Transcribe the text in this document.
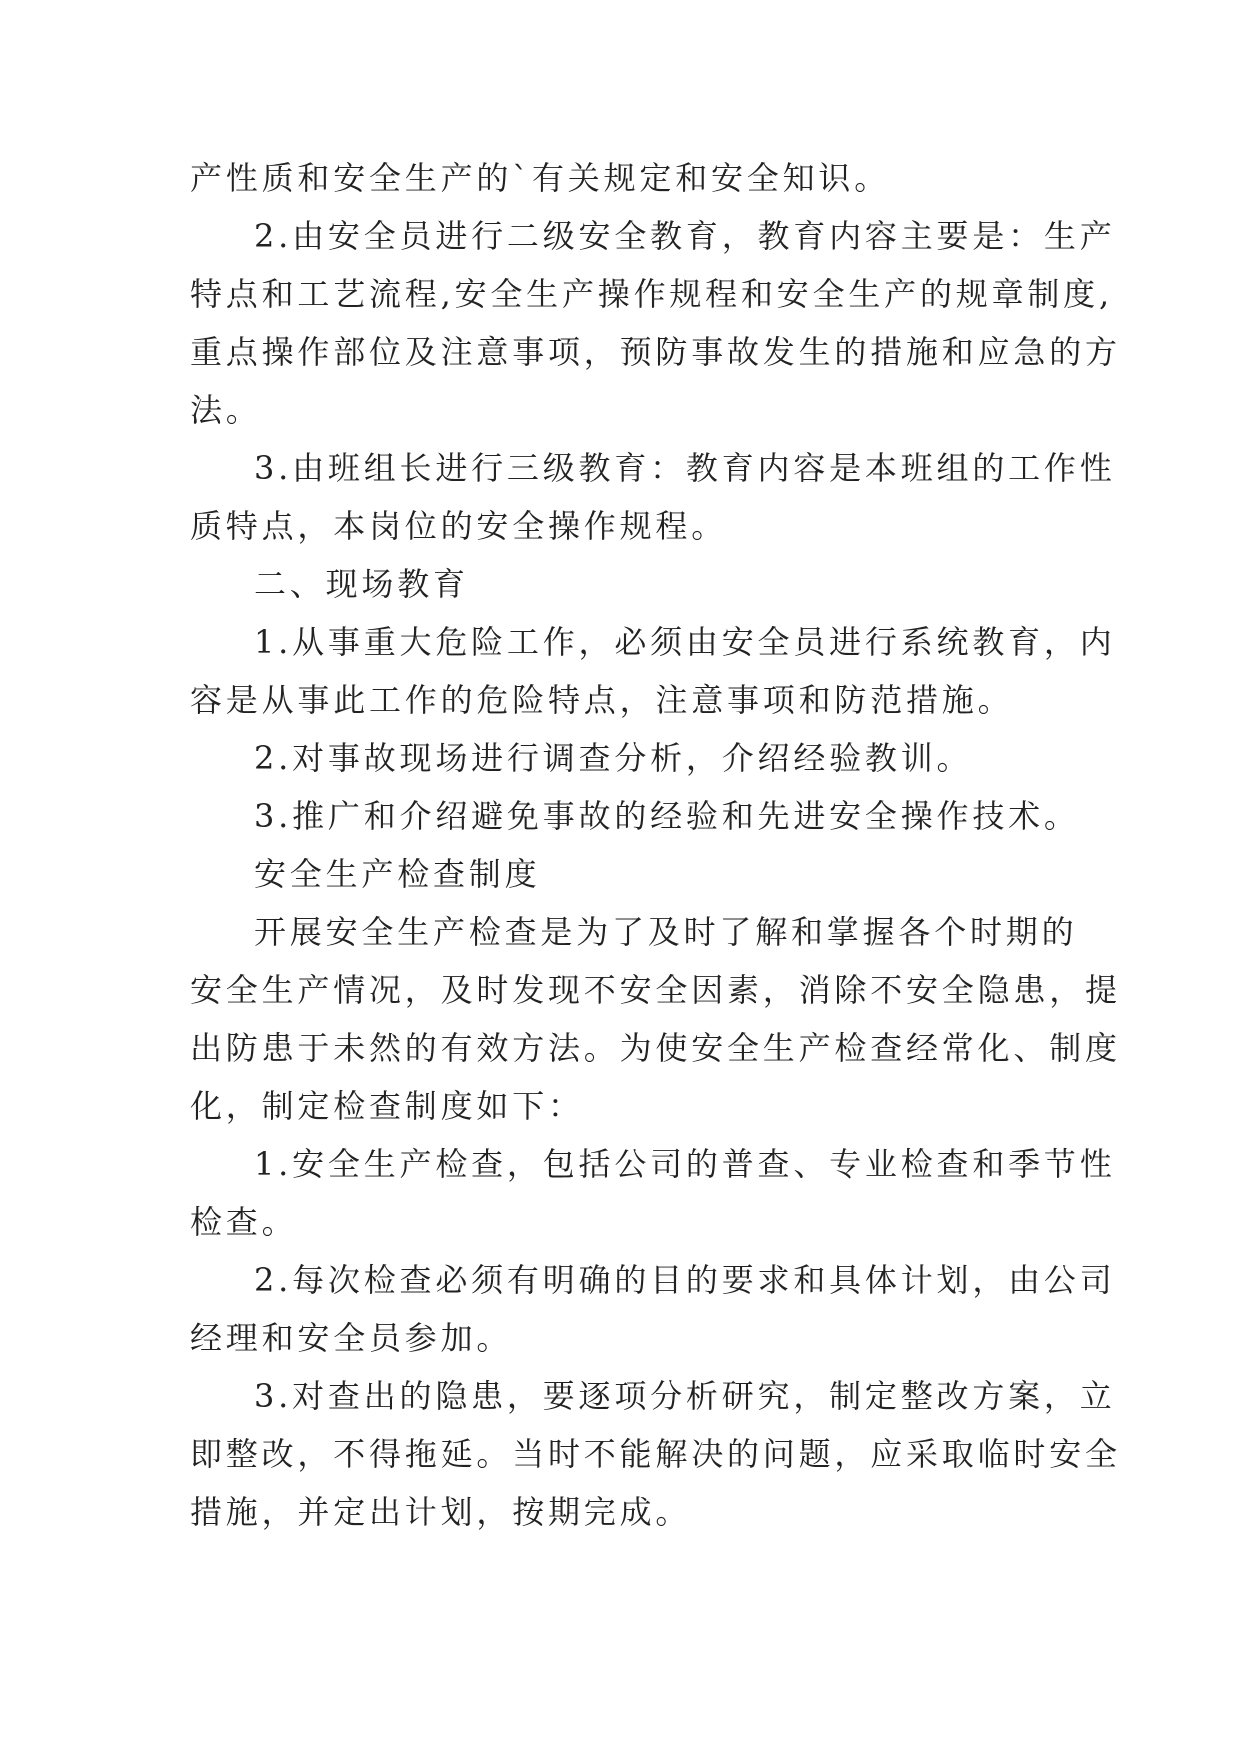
产性质和安全生产的`有关规定和安全知识。
2.由安全员进行二级安全教育，教育内容主要是：生产
特点和工艺流程,安全生产操作规程和安全生产的规章制度,
重点操作部位及注意事项，预防事故发生的措施和应急的方
法。
3.由班组长进行三级教育：教育内容是本班组的工作性
质特点，本岗位的安全操作规程。
二、现场教育
1.从事重大危险工作，必须由安全员进行系统教育，内
容是从事此工作的危险特点，注意事项和防范措施。
2.对事故现场进行调查分析，介绍经验教训。
3.推广和介绍避免事故的经验和先进安全操作技术。
安全生产检查制度
开展安全生产检查是为了及时了解和掌握各个时期的
安全生产情况，及时发现不安全因素，消除不安全隐患，提
出防患于未然的有效方法。为使安全生产检查经常化、制度
化，制定检查制度如下：
1.安全生产检查，包括公司的普查、专业检查和季节性
检查。
2.每次检查必须有明确的目的要求和具体计划，由公司
经理和安全员参加。
3.对查出的隐患，要逐项分析研究，制定整改方案，立
即整改，不得拖延。当时不能解决的问题，应采取临时安全
措施，并定出计划，按期完成。
